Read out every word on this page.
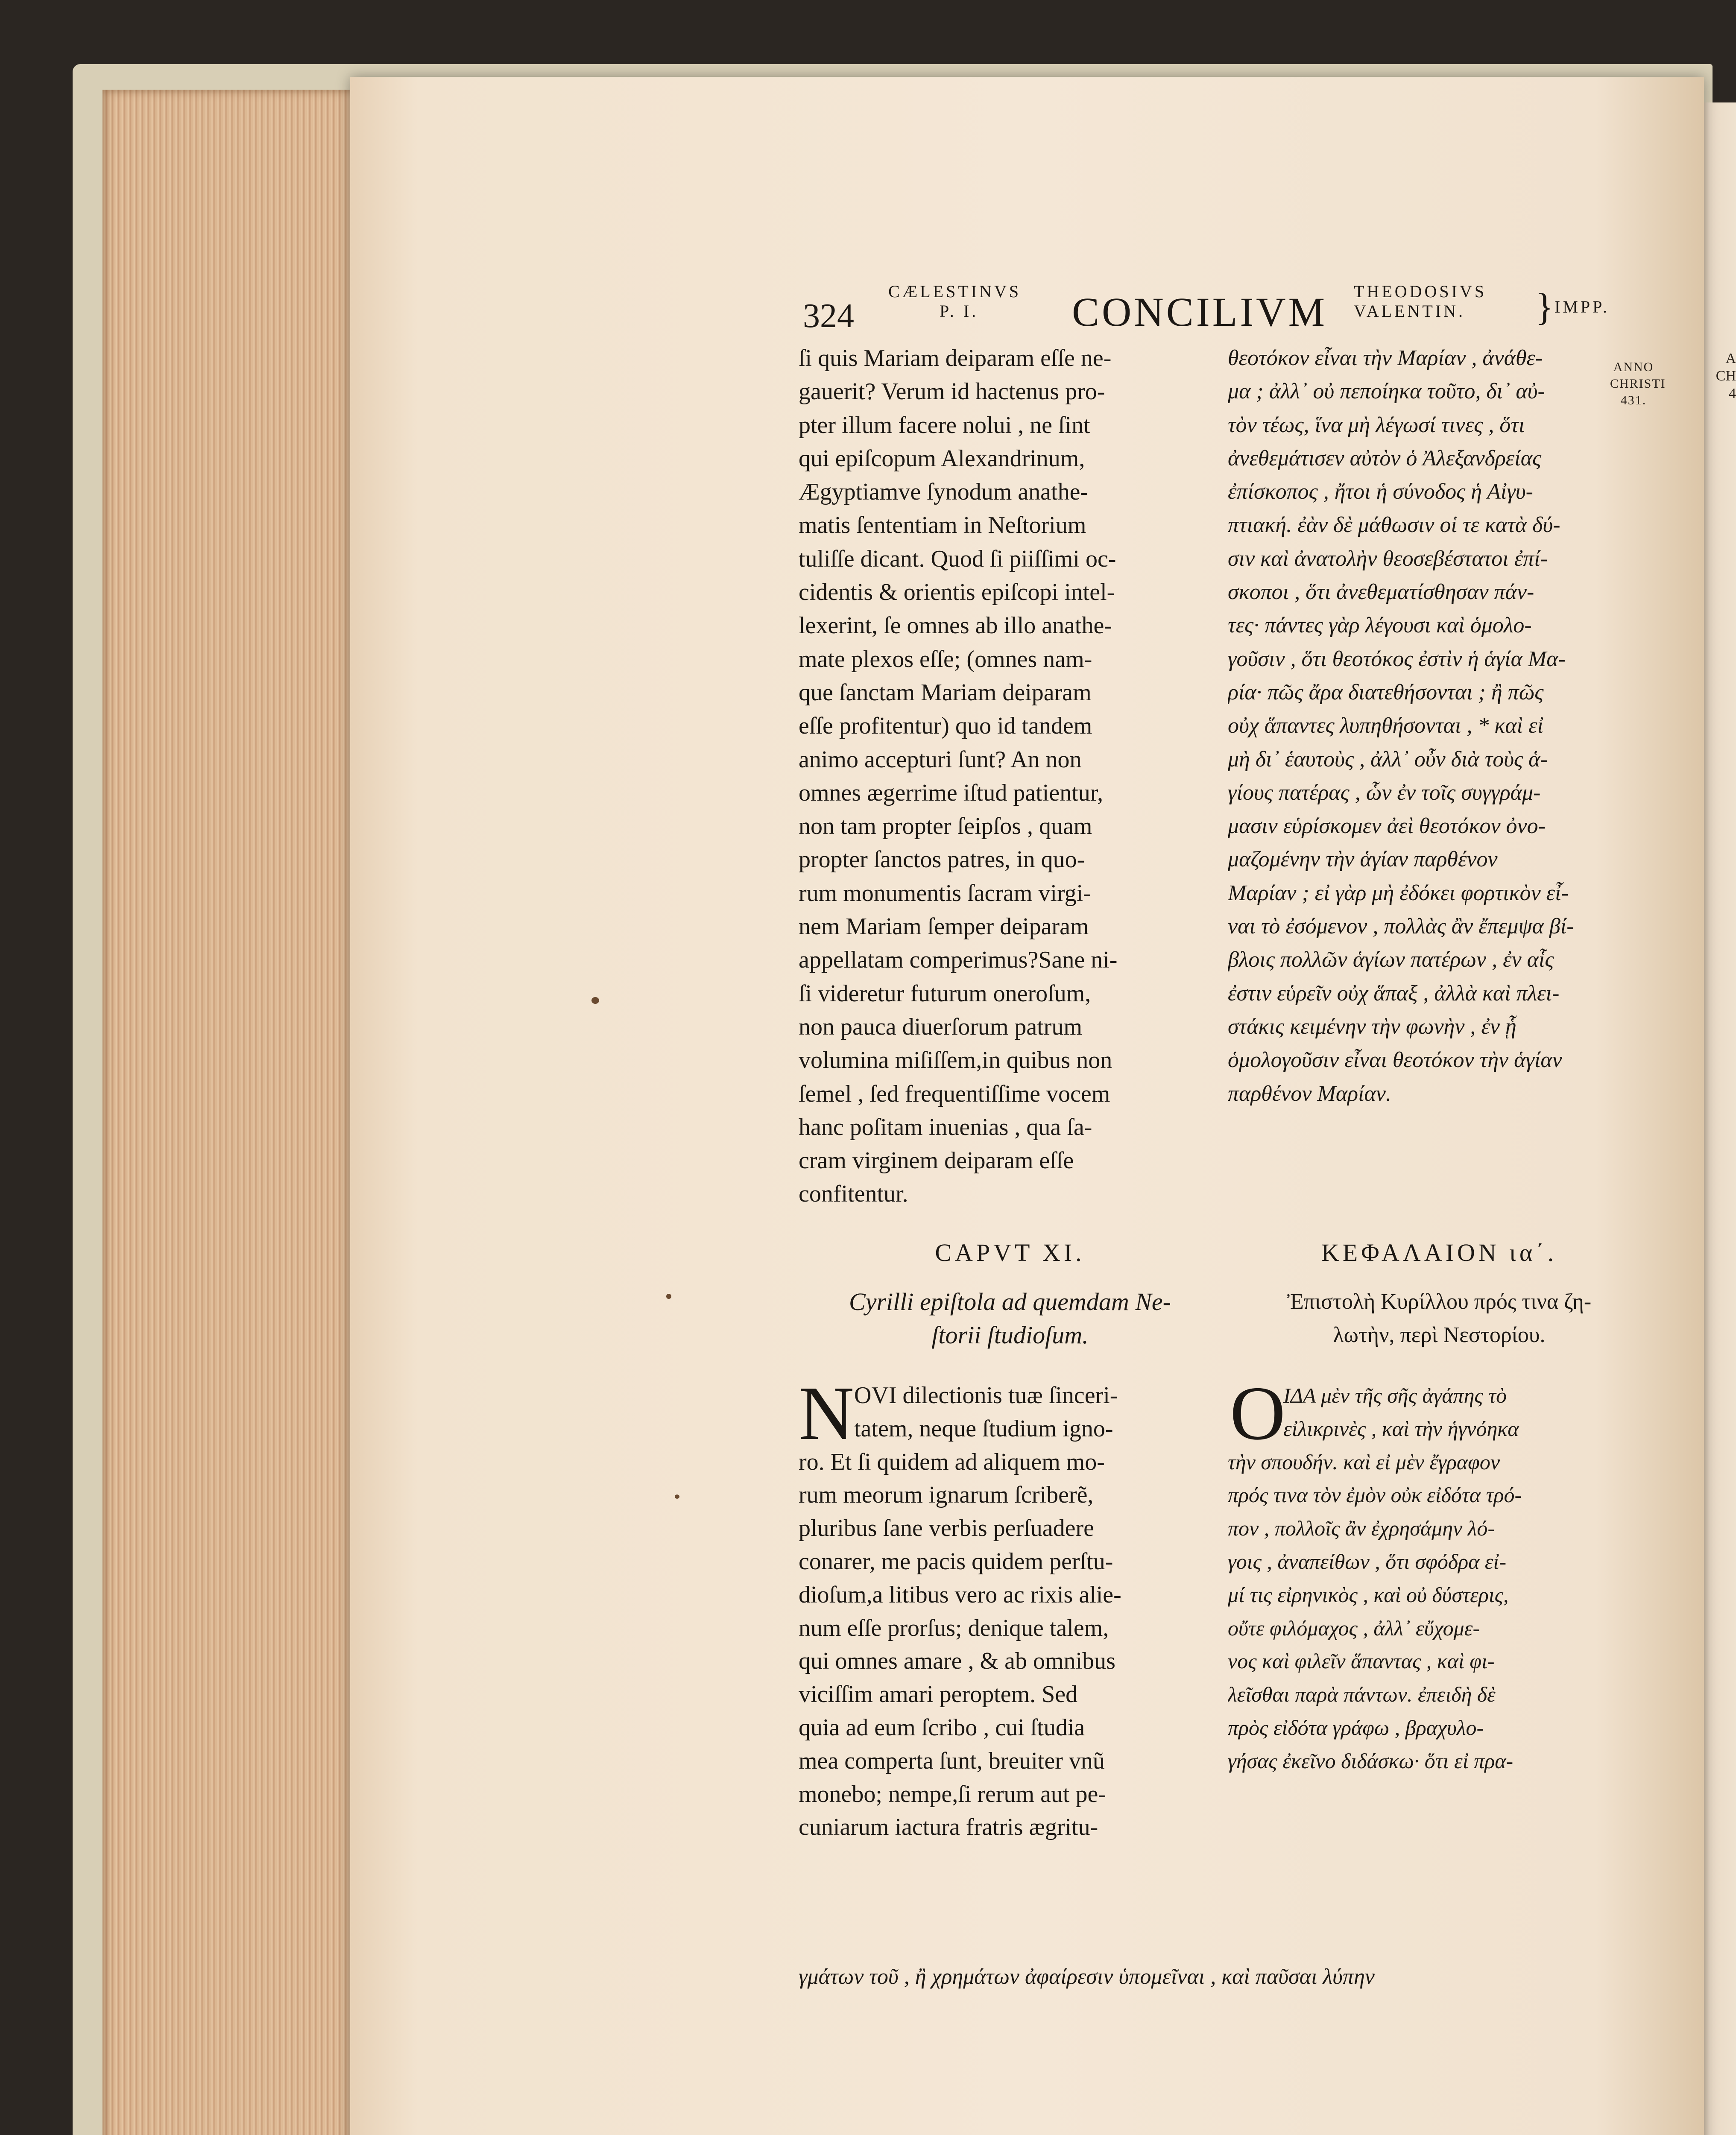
A
CH
4
324
CÆLESTINVS
P. I.	CONCILIVM THEODOSIVS
VALENTIN.	} IMPP.
ANNO
CHRISTI
431.
ſi quis Mariam deiparam eſſe ne-
gauerit? Verum id hactenus pro-
pter illum facere nolui , ne ſint
qui epiſcopum Alexandrinum,
Ægyptiamve ſynodum anathe-
matis ſententiam in Neſtorium
tuliſſe dicant. Quod ſi piiſſimi oc-
cidentis & orientis epiſcopi intel-
lexerint, ſe omnes ab illo anathe-
mate plexos eſſe; (omnes nam-
que ſanctam Mariam deiparam
eſſe profitentur) quo id tandem
animo accepturi ſunt? An non
omnes ægerrime iſtud patientur,
non tam propter ſeipſos , quam
propter ſanctos patres, in quo-
rum monumentis ſacram virgi-
nem Mariam ſemper deiparam
appellatam comperimus?Sane ni-
ſi videretur futurum oneroſum,
non pauca diuerſorum patrum
volumina miſiſſem,in quibus non
ſemel , ſed frequentiſſime vocem
hanc poſitam inuenias , qua ſa-
cram virginem deiparam eſſe
confitentur.
θεοτόκον εἶναι τὴν Μαρίαν , ἀνάθε-
μα ; ἀλλ᾽ οὐ πεποίηκα τοῦτο, δι᾽ αὐ-
τὸν τέως, ἵνα μὴ λέγωσί τινες , ὅτι
ἀνεθεμάτισεν αὐτὸν ὁ Ἀλεξανδρείας
ἐπίσκοπος , ἤτοι ἡ σύνοδος ἡ Αἰγυ-
πτιακή. ἐὰν δὲ μάθωσιν οἱ τε κατὰ δύ-
σιν καὶ ἀνατολὴν θεοσεβέστατοι ἐπί-
σκοποι , ὅτι ἀνεθεματίσθησαν πάν-
τες· πάντες γὰρ λέγουσι καὶ ὁμολο-
γοῦσιν , ὅτι θεοτόκος ἐστὶν ἡ ἁγία Μα-
ρία· πῶς ἄρα διατεθήσονται ; ἢ πῶς
οὐχ ἅπαντες λυπηθήσονται , * καὶ εἰ
μὴ δι᾽ ἑαυτοὺς , ἀλλ᾽ οὖν διὰ τοὺς ἁ-
γίους πατέρας , ὧν ἐν τοῖς συγγράμ-
μασιν εὑρίσκομεν ἀεὶ θεοτόκον ὀνο-
μαζομένην τὴν ἁγίαν παρθένον
Μαρίαν ; εἰ γὰρ μὴ ἐδόκει φορτικὸν εἶ-
ναι τὸ ἐσόμενον , πολλὰς ἂν ἔπεμψα βί-
βλοις πολλῶν ἁγίων πατέρων , ἐν αἷς
ἐστιν εὑρεῖν οὐχ ἅπαξ , ἀλλὰ καὶ πλει-
στάκις κειμένην τὴν φωνὴν , ἐν ᾗ
ὁμολογοῦσιν εἶναι θεοτόκον τὴν ἁγίαν
παρθένον Μαρίαν.
CAPVT XI.	ΚΕΦΑΛΑΙΟΝ ια΄.
Cyrilli epiſtola ad quemdam Ne-
ſtorii ſtudioſum.
Ἐπιστολὴ Κυρίλλου πρός τινα ζη-
λωτὴν, περὶ Νεστορίου.
N OVI dilectionis tuæ ſinceri-
tatem, neque ſtudium igno-
ro. Et ſi quidem ad aliquem mo-
rum meorum ignarum ſcriberẽ,
pluribus ſane verbis perſuadere
conarer, me pacis quidem perſtu-
dioſum,a litibus vero ac rixis alie-
num eſſe prorſus; denique talem,
qui omnes amare , & ab omnibus
viciſſim amari peroptem. Sed
quia ad eum ſcribo , cui ſtudia
mea comperta ſunt, breuiter vnũ
monebo; nempe,ſi rerum aut pe-
cuniarum iactura fratris ægritu-
Ο
ΙΔΑ μὲν τῆς σῆς ἀγάπης τὸ
εἰλικρινὲς , καὶ τὴν ἡγνόηκα
τὴν σπουδήν. καὶ εἰ μὲν ἔγραφον
πρός τινα τὸν ἐμὸν οὐκ εἰδότα τρό-
πον , πολλοῖς ἂν ἐχρησάμην λό-
γοις , ἀναπείθων , ὅτι σφόδρα εἰ-
μί τις εἰρηνικὸς , καὶ οὐ δύστερις,
οὔτε φιλόμαχος , ἀλλ᾽ εὔχομε-
νος καὶ φιλεῖν ἅπαντας , καὶ φι-
λεῖσθαι παρὰ πάντων. ἐπειδὴ δὲ
πρὸς εἰδότα γράφω , βραχυλο-
γήσας ἐκεῖνο διδάσκω· ὅτι εἰ πρα-
γμάτων τοῦ , ἢ χρημάτων ἀφαίρεσιν ὑπομεῖναι , καὶ παῦσαι λύπην
